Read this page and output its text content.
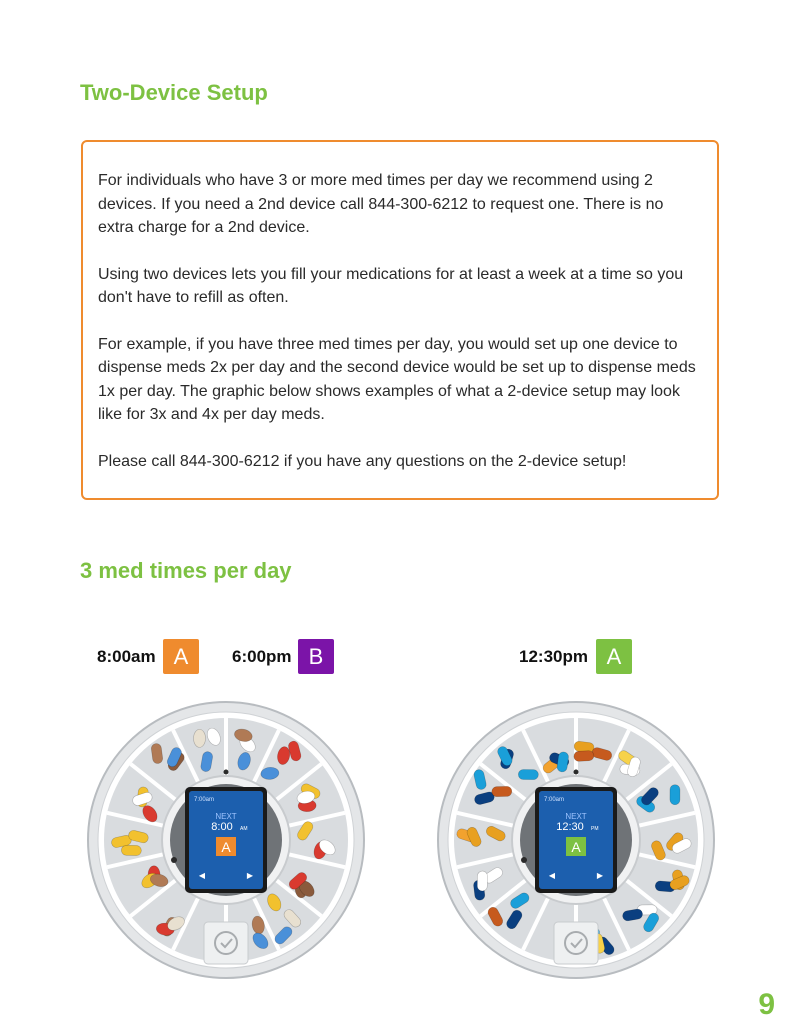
Two-Device Setup

For individuals who have 3 or more med times per day we recommend using 2 devices. If you need a 2nd device call 844-300-6212 to request one. There is no extra charge for a 2nd device.

Using two devices lets you fill your medications for at least a week at a time so you don't have to refill as often.

For example, if you have three med times per day, you would set up one device to dispense meds 2x per day and the second device would be set up to dispense meds 1x per day. The graphic below shows examples of what a 2-device setup may look like for 3x and 4x per day meds.

Please call 844-300-6212 if you have any questions on the 2-device setup!

3 med times per day
8:00am A	6:00pm B	12:30pm A
7:00am
NEXT
8:00 AM
A
◀	▶
7:00am
NEXT
12:30 PM
A
◀	▶
9
